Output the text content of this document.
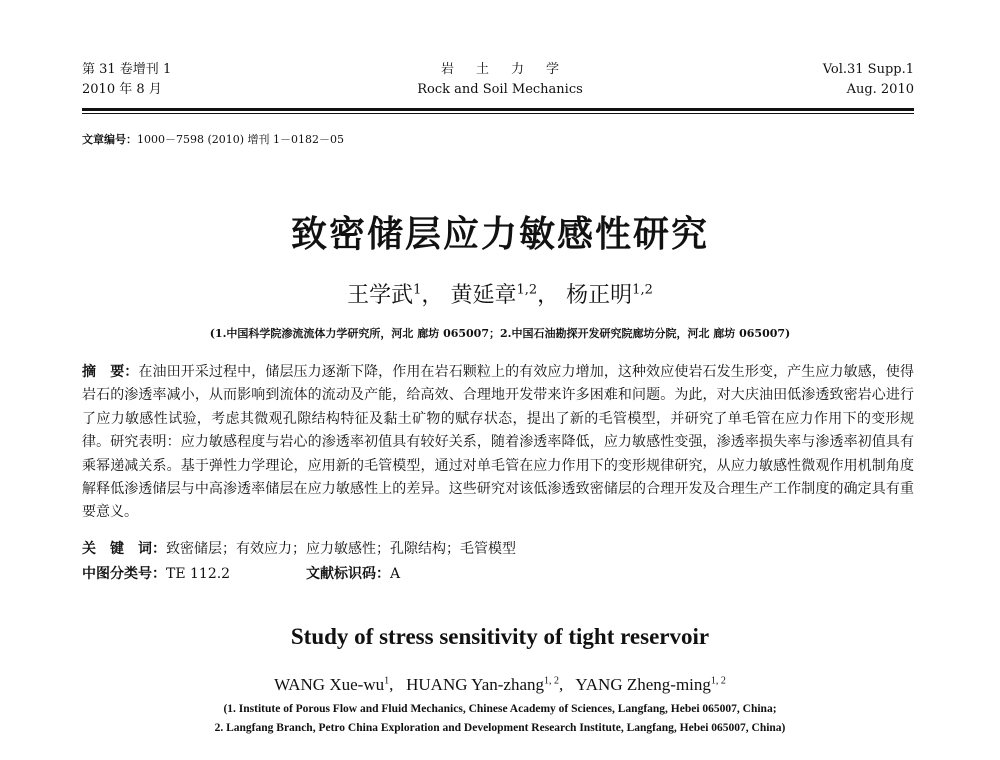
第 31 卷增刊 1
2010 年 8 月
岩土力学
Rock and Soil Mechanics
Vol.31 Supp.1
Aug. 2010
文章编号：1000－7598 (2010) 增刊 1－0182－05
致密储层应力敏感性研究
王学武$^1$， 黄延章$^{1,2}$， 杨正明$^{1,2}$
(1.中国科学院渗流流体力学研究所，河北 廊坊 065007；2.中国石油勘探开发研究院廊坊分院，河北 廊坊 065007)
摘　要：在油田开采过程中，储层压力逐渐下降，作用在岩石颗粒上的有效应力增加，这种效应使岩石发生形变，产生应力敏感，使得岩石的渗透率减小，从而影响到流体的流动及产能，给高效、合理地开发带来许多困难和问题。为此，对大庆油田低渗透致密岩心进行了应力敏感性试验，考虑其微观孔隙结构特征及黏土矿物的赋存状态，提出了新的毛管模型，并研究了单毛管在应力作用下的变形规律。研究表明：应力敏感程度与岩心的渗透率初值具有较好关系，随着渗透率降低，应力敏感性变强，渗透率损失率与渗透率初值具有乘幂递减关系。基于弹性力学理论，应用新的毛管模型，通过对单毛管在应力作用下的变形规律研究，从应力敏感性微观作用机制角度解释低渗透储层与中高渗透率储层在应力敏感性上的差异。这些研究对该低渗透致密储层的合理开发及合理生产工作制度的确定具有重要意义。
关　键　词：致密储层；有效应力；应力敏感性；孔隙结构；毛管模型
中图分类号：TE 112.2	文献标识码：A
Study of stress sensitivity of tight reservoir
WANG Xue-$wu^1$,   HUANG Yan-zhang$^{1, 2}$,   YANG Zheng-ming$^{1, 2}$
(1. Institute of Porous Flow and Fluid Mechanics, Chinese Academy of Sciences, Langfang, Hebei 065007, China;
2. Langfang Branch, Petro China Exploration and Development Research Institute, Langfang, Hebei 065007, China)
